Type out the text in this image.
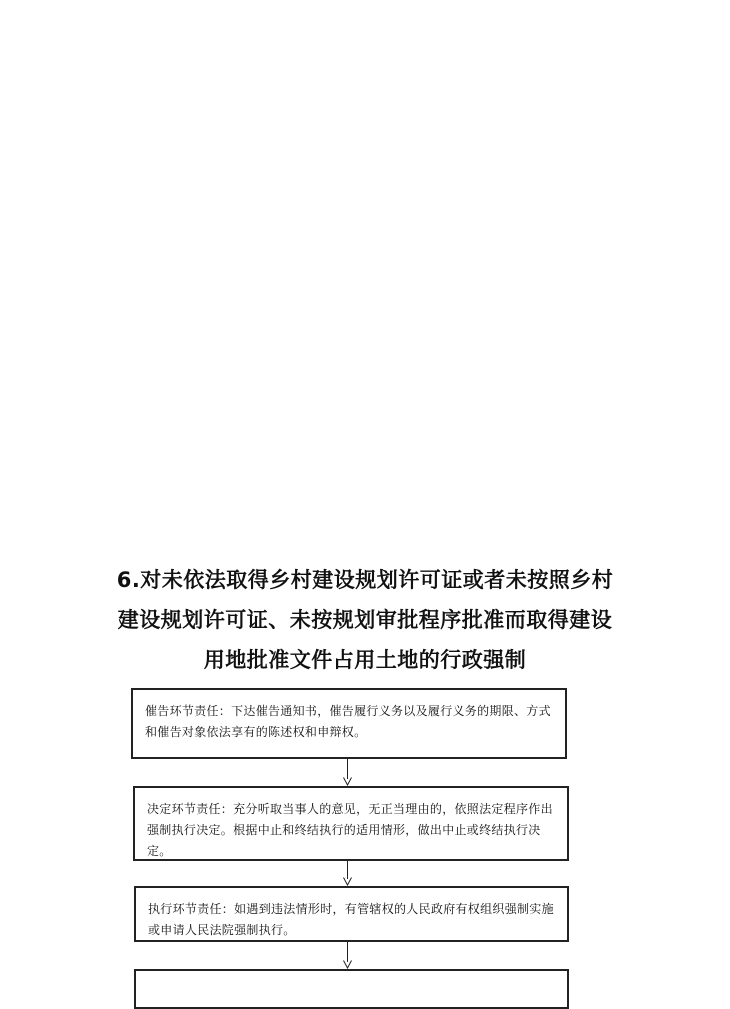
6.对未依法取得乡村建设规划许可证或者未按照乡村
建设规划许可证、未按规划审批程序批准而取得建设
用地批准文件占用土地的行政强制
催告环节责任：下达催告通知书，催告履行义务以及履行义务的期限、方式和催告对象依法享有的陈述权和申辩权。
决定环节责任：充分听取当事人的意见，无正当理由的，依照法定程序作出强制执行决定。根据中止和终结执行的适用情形，做出中止或终结执行决定。
执行环节责任：如遇到违法情形时，有管辖权的人民政府有权组织强制实施或申请人民法院强制执行。
